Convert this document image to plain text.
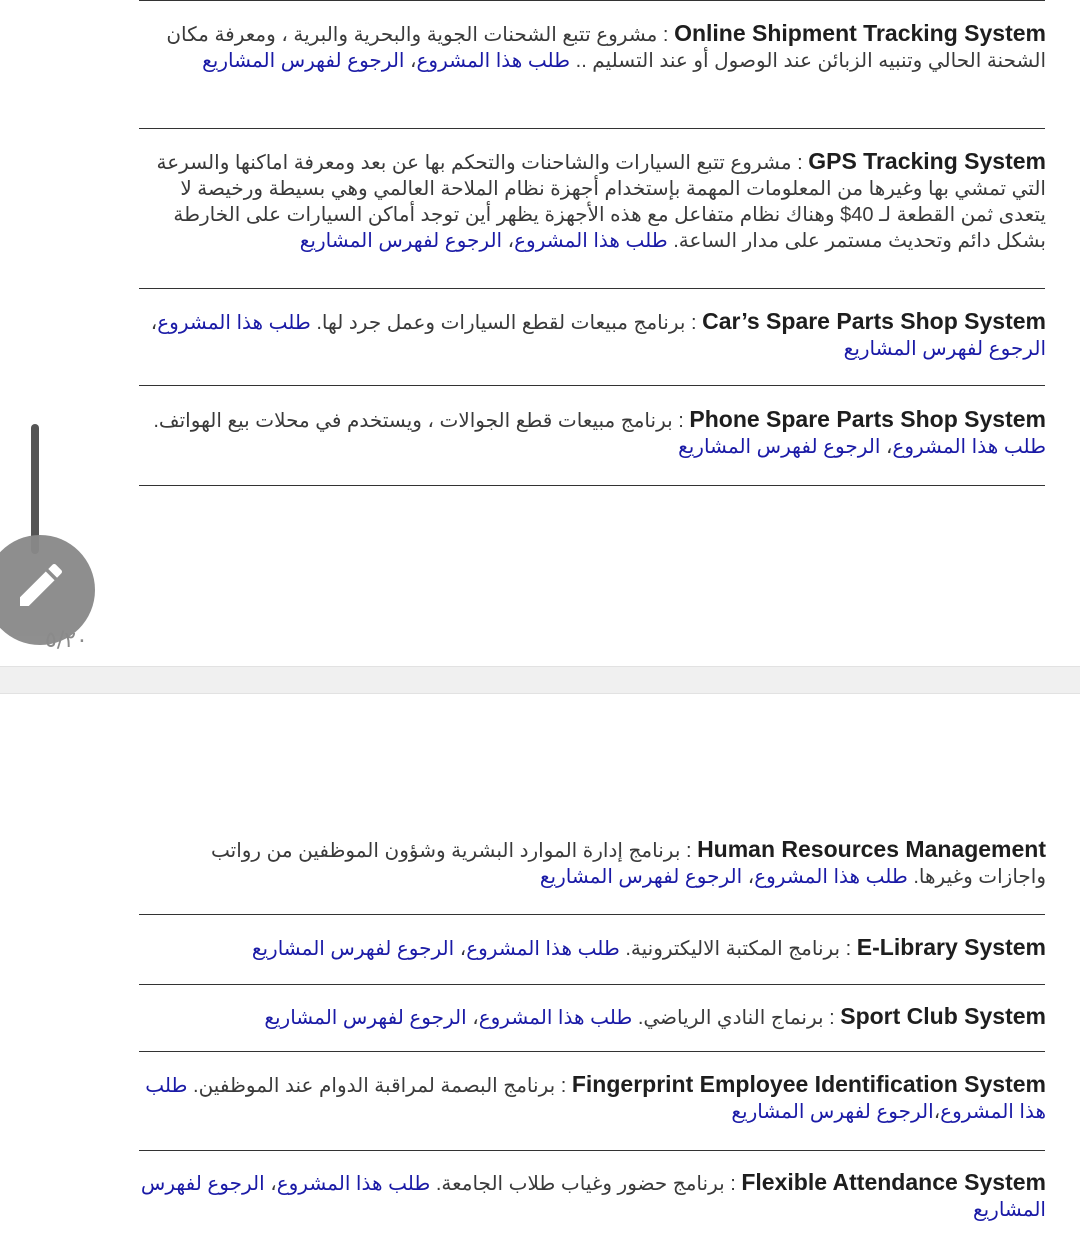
Online Shipment Tracking System : مشروع تتبع الشحنات الجوية والبحرية والبرية ، ومعرفة مكان الشحنة الحالي وتنبيه الزبائن عند الوصول أو عند التسليم .. طلب هذا المشروع، الرجوع لفهرس المشاريع
GPS Tracking System : مشروع تتبع السيارات والشاحنات والتحكم بها عن بعد ومعرفة اماكنها والسرعة التي تمشي بها وغيرها من المعلومات المهمة بإستخدام أجهزة نظام الملاحة العالمي وهي بسيطة ورخيصة لا يتعدى ثمن القطعة لـ 40$ وهناك نظام متفاعل مع هذه الأجهزة يظهر أين توجد أماكن السيارات على الخارطة بشكل دائم وتحديث مستمر على مدار الساعة. طلب هذا المشروع، الرجوع لفهرس المشاريع
Car’s Spare Parts Shop System : برنامج مبيعات لقطع السيارات وعمل جرد لها. طلب هذا المشروع، الرجوع لفهرس المشاريع
Phone Spare Parts Shop System : برنامج مبيعات قطع الجوالات ، ويستخدم في محلات بيع الهواتف. طلب هذا المشروع، الرجوع لفهرس المشاريع
Human Resources Management : برنامج إدارة الموارد البشرية وشؤون الموظفين من رواتب واجازات وغيرها. طلب هذا المشروع، الرجوع لفهرس المشاريع
E-Library System : برنامج المكتبة الاليكترونية. طلب هذا المشروع، الرجوع لفهرس المشاريع
Sport Club System : برنماج النادي الرياضي. طلب هذا المشروع، الرجوع لفهرس المشاريع
Fingerprint Employee Identification System : برنامج البصمة لمراقبة الدوام عند الموظفين. طلب هذا المشروع،الرجوع لفهرس المشاريع
Flexible Attendance System : برنامج حضور وغياب طلاب الجامعة. طلب هذا المشروع، الرجوع لفهرس المشاريع
٥/٢٠
